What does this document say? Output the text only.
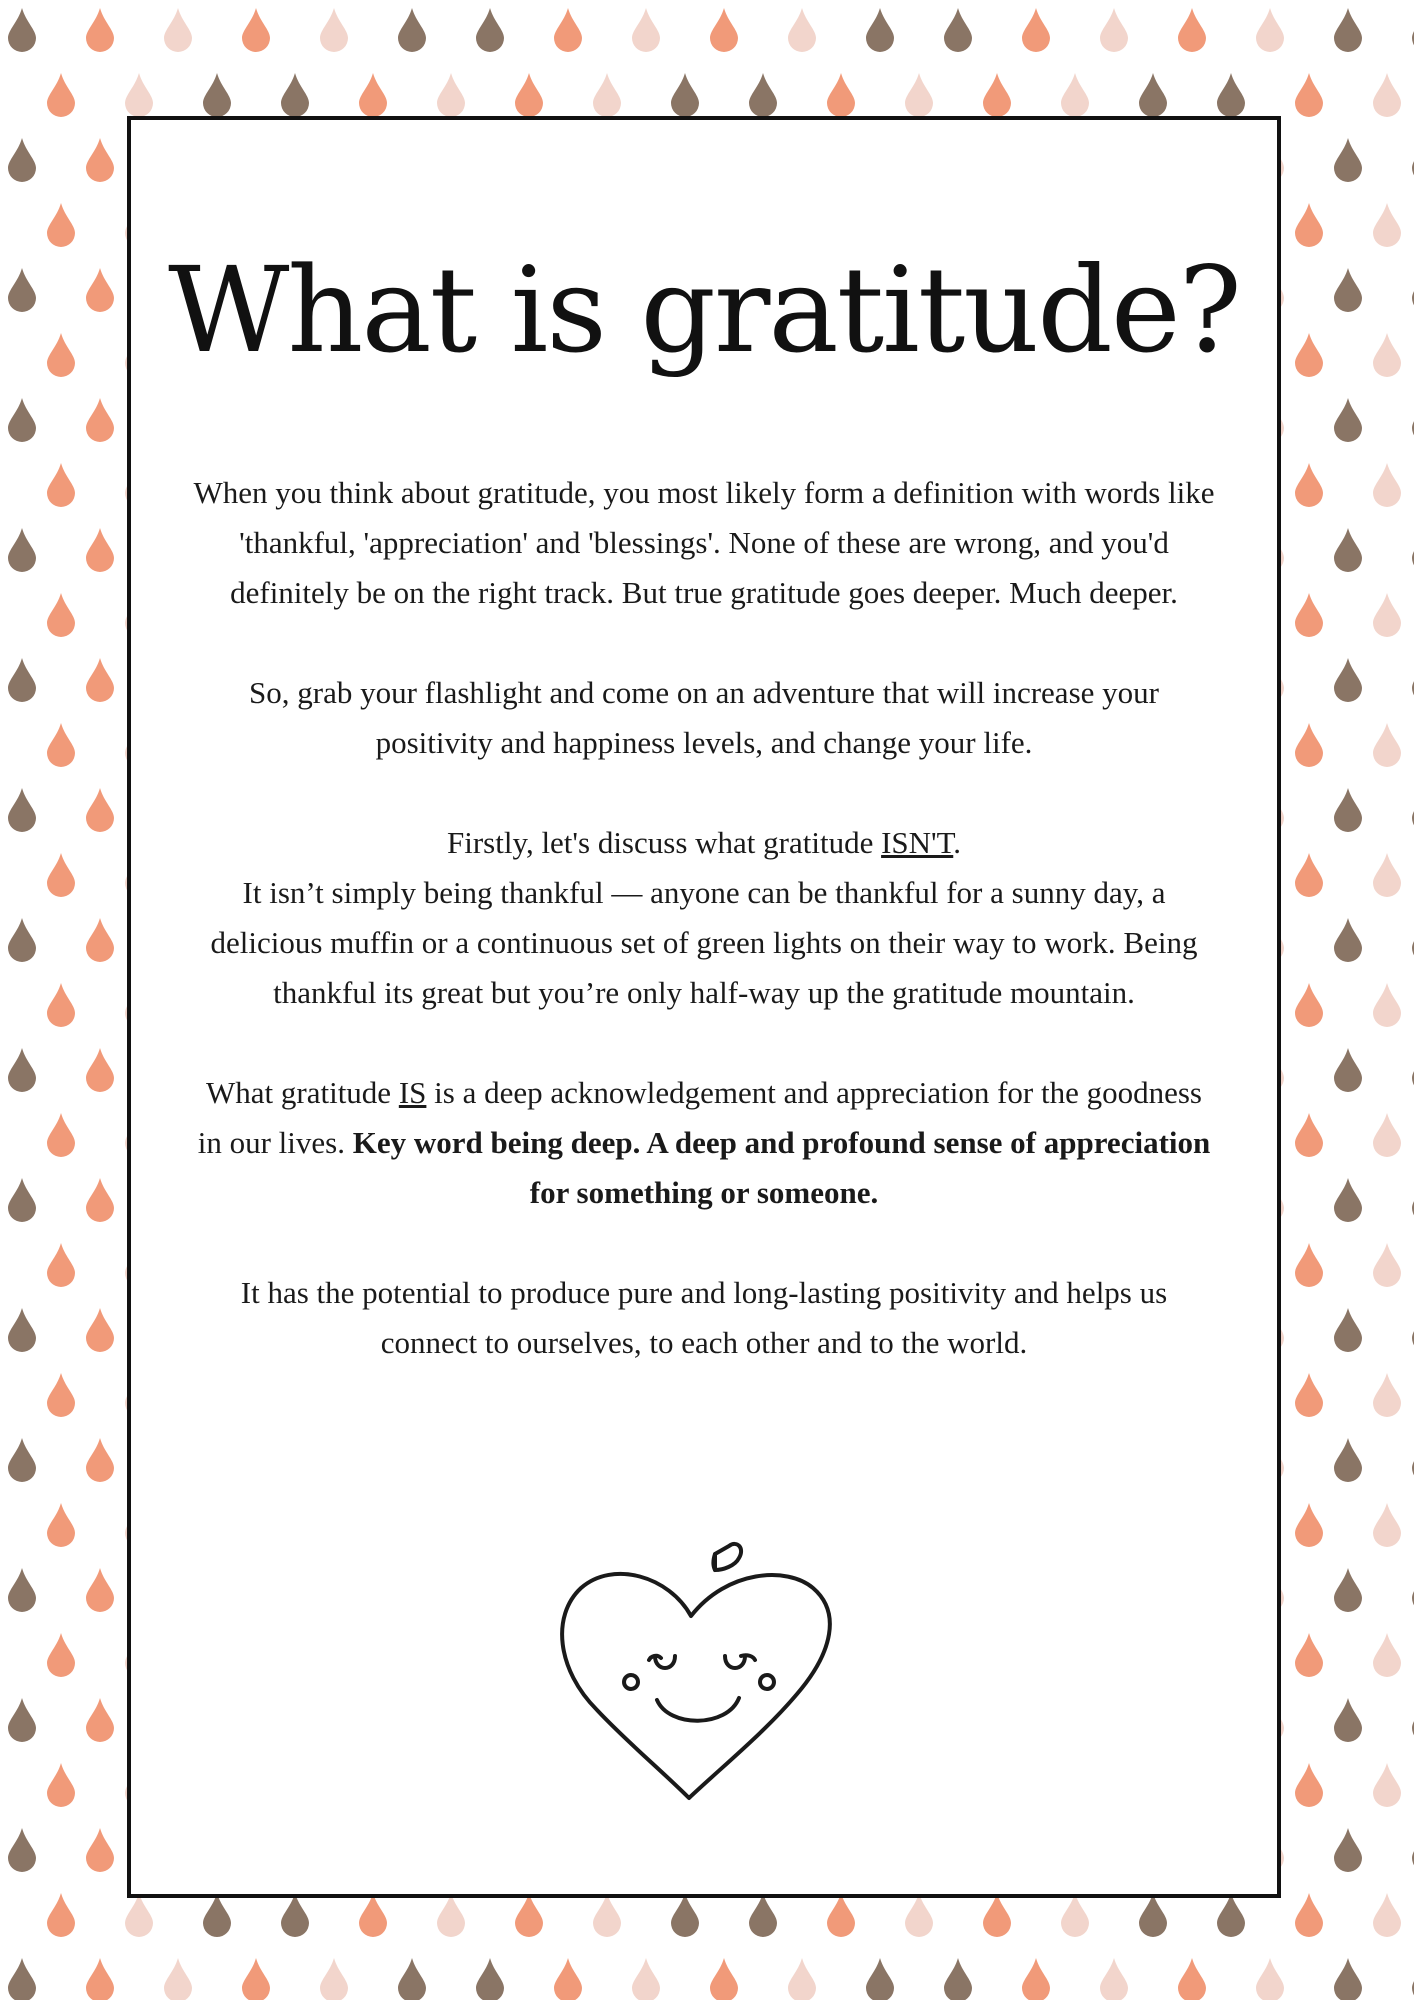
What is gratitude?

When you think about gratitude, you most likely form a definition with words like 'thankful, 'appreciation' and 'blessings'. None of these are wrong, and you'd definitely be on the right track. But true gratitude goes deeper. Much deeper.

So, grab your flashlight and come on an adventure that will increase your positivity and happiness levels, and change your life.

Firstly, let's discuss what gratitude ISN'T.

It isn’t simply being thankful — anyone can be thankful for a sunny day, a delicious muffin or a continuous set of green lights on their way to work. Being thankful its great but you’re only half-way up the gratitude mountain.

What gratitude IS is a deep acknowledgement and appreciation for the goodness in our lives. Key word being deep. A deep and profound sense of appreciation for something or someone.

It has the potential to produce pure and long-lasting positivity and helps us connect to ourselves, to each other and to the world.
